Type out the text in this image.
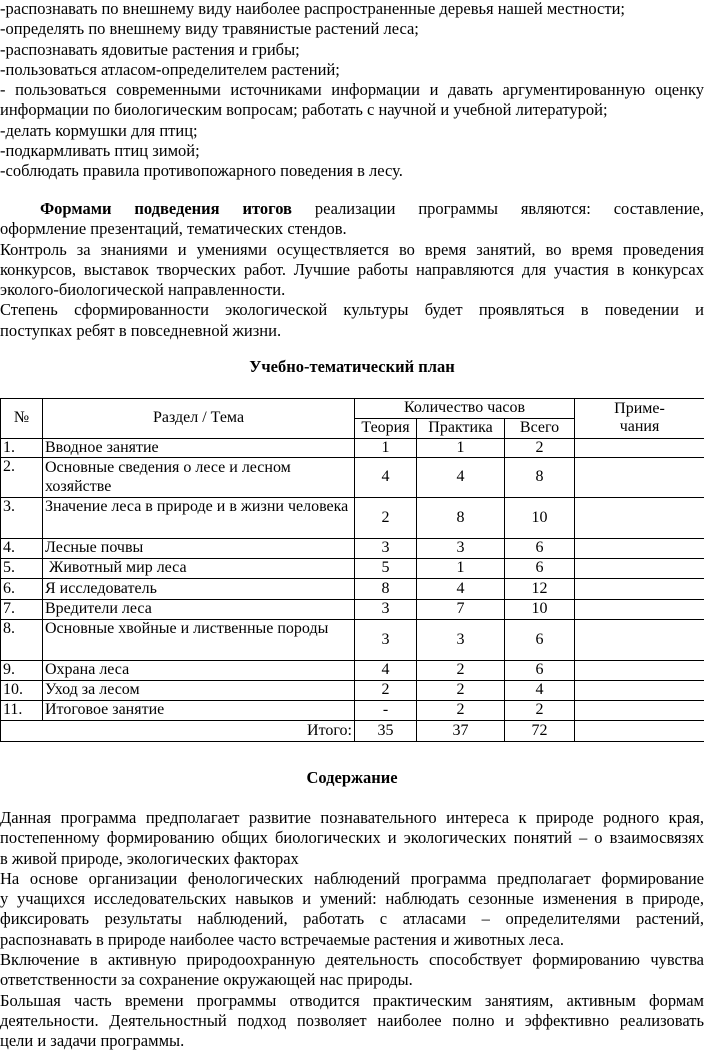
-распознавать по внешнему виду наиболее распространенные деревья нашей местности;

-определять по внешнему виду травянистые растений леса;

-распознавать ядовитые растения и грибы;

-пользоваться атласом-определителем растений;

- пользоваться современными источниками информации и давать аргументированную оценку

информации по биологическим вопросам; работать с научной и учебной литературой;

-делать кормушки для птиц;

-подкармливать птиц зимой;

-соблюдать правила противопожарного поведения в лесу.

Формами подведения итогов реализации программы являются: составление,

оформление презентаций, тематических стендов.

Контроль за знаниями и умениями осуществляется во время занятий, во время проведения

конкурсов, выставок творческих работ. Лучшие работы направляются для участия в конкурсах

эколого-биологической направленности.

Степень сформированности экологической культуры будет проявляться в поведении и

поступках ребят в повседневной жизни.

Учебно-тематический план

№	Раздел / Тема	Количество часов			Приме-
чания
		Теория	Практика	Всего	
1.	Вводное занятие	1	1	2	
2.	Основные сведения о лесе и лесном хозяйстве	4	4	8	
3.	Значение леса в природе и в жизни человека	2	8	10	
4.	Лесные почвы	3	3	6	
5.	Животный мир леса	5	1	6	
6.	Я исследователь	8	4	12	
7.	Вредители леса	3	7	10	
8.	Основные хвойные и лиственные породы	3	3	6	
9.	Охрана леса	4	2	6	
10.	Уход за лесом	2	2	4	
11.	Итоговое занятие	-	2	2	
Итого:		35	37	72	

Содержание

Данная программа предполагает развитие познавательного интереса к природе родного края,

постепенному формированию общих биологических и экологических понятий – о взаимосвязях

в живой природе, экологических факторах

На основе организации фенологических наблюдений программа предполагает формирование

у учащихся исследовательских навыков и умений: наблюдать сезонные изменения в природе,

фиксировать результаты наблюдений, работать с атласами – определителями растений,

распознавать в природе наиболее часто встречаемые растения и животных леса.

Включение в активную природоохранную деятельность способствует формированию чувства

ответственности за сохранение окружающей нас природы.

Большая часть времени программы отводится практическим занятиям, активным формам

деятельности. Деятельностный подход позволяет наиболее полно и эффективно реализовать

цели и задачи программы.
